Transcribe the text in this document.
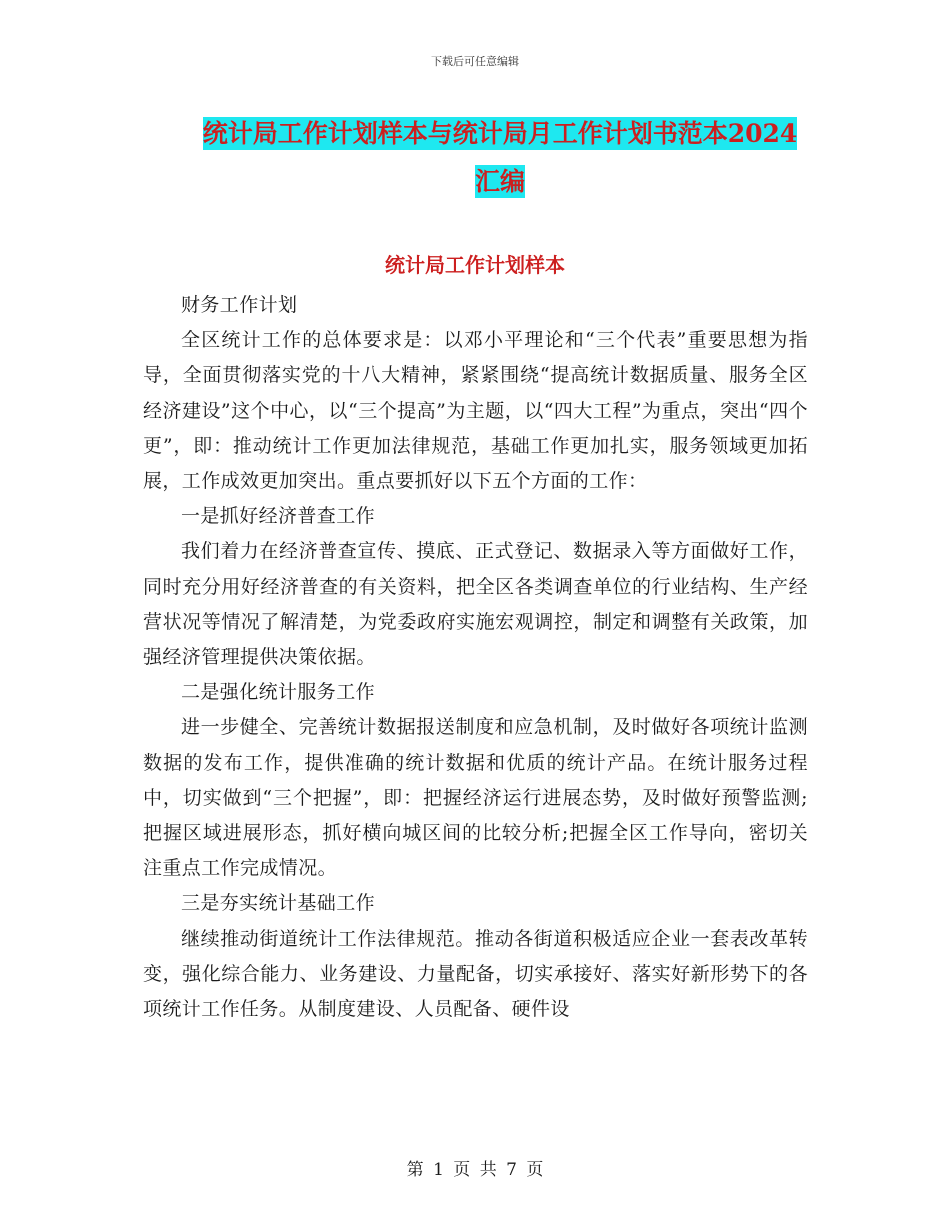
下载后可任意编辑
统计局工作计划样本与统计局月工作计划书范本2024
汇编
统计局工作计划样本

财务工作计划

全区统计工作的总体要求是：以邓小平理论和“三个代表”重要思想为指导，全面贯彻落实党的十八大精神，紧紧围绕“提高统计数据质量、服务全区经济建设”这个中心，以“三个提高”为主题，以“四大工程”为重点，突出“四个更”，即：推动统计工作更加法律规范，基础工作更加扎实，服务领域更加拓展，工作成效更加突出。重点要抓好以下五个方面的工作：

一是抓好经济普查工作

我们着力在经济普查宣传、摸底、正式登记、数据录入等方面做好工作，同时充分用好经济普查的有关资料，把全区各类调查单位的行业结构、生产经营状况等情况了解清楚，为党委政府实施宏观调控，制定和调整有关政策，加强经济管理提供决策依据。

二是强化统计服务工作

进一步健全、完善统计数据报送制度和应急机制，及时做好各项统计监测数据的发布工作，提供准确的统计数据和优质的统计产品。在统计服务过程中，切实做到“三个把握”，即：把握经济运行进展态势，及时做好预警监测;把握区域进展形态，抓好横向城区间的比较分析;把握全区工作导向，密切关注重点工作完成情况。

三是夯实统计基础工作

继续推动街道统计工作法律规范。推动各街道积极适应企业一套表改革转变，强化综合能力、业务建设、力量配备，切实承接好、落实好新形势下的各项统计工作任务。从制度建设、人员配备、硬件设

第 1 页 共 7 页
